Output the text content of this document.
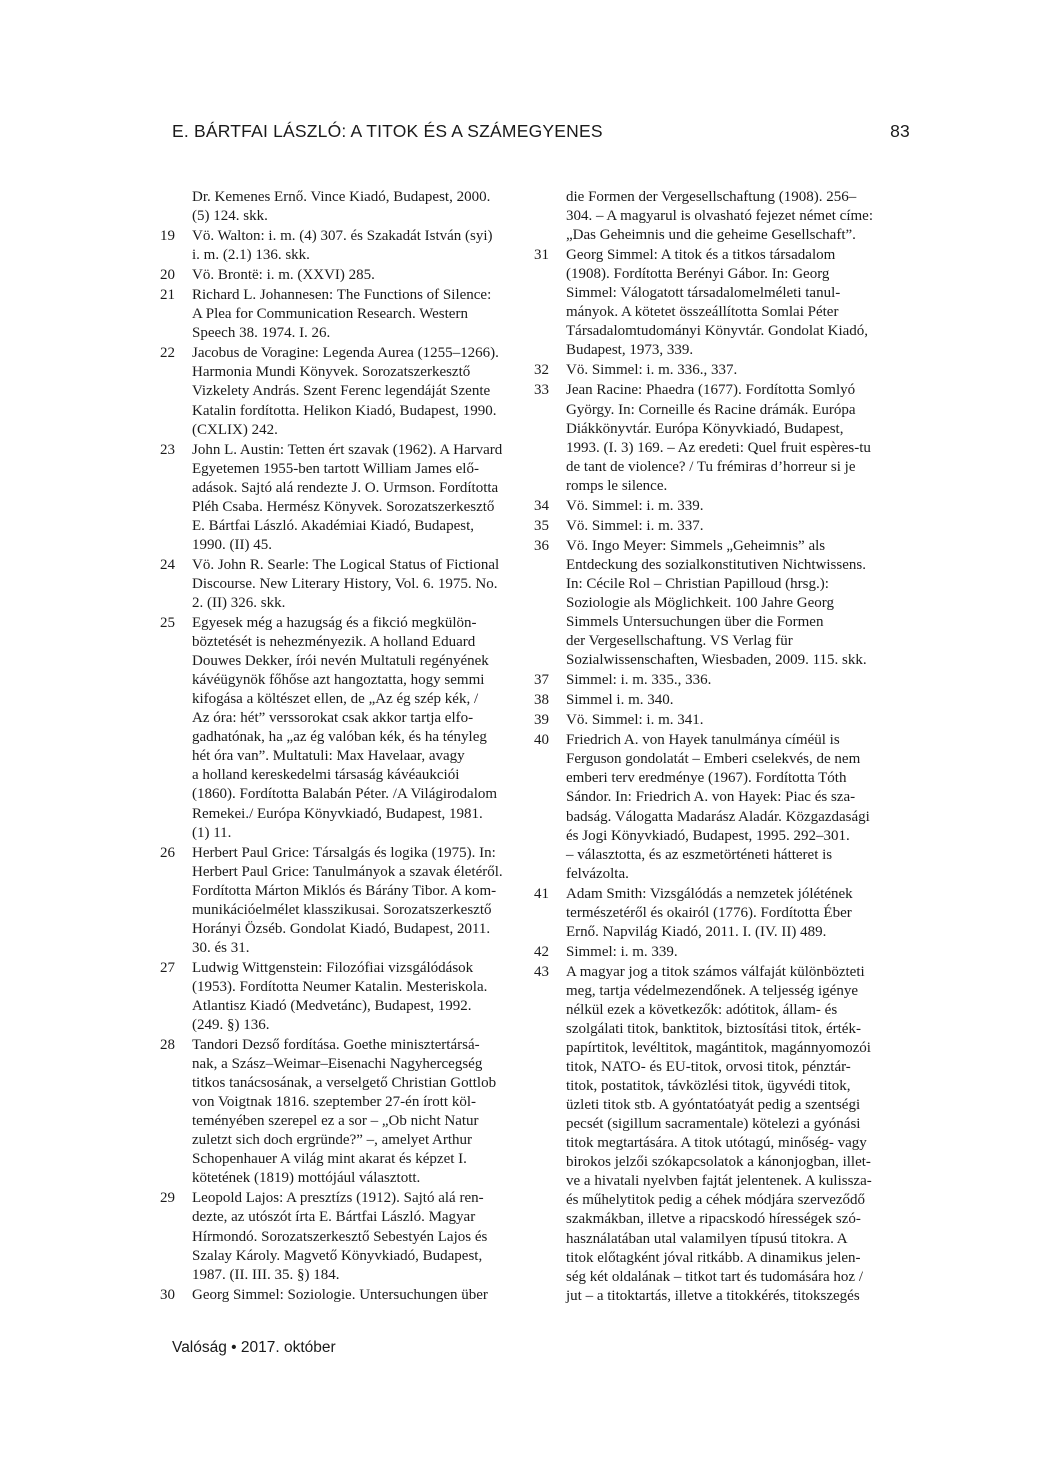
E. BÁRTFAI LÁSZLÓ: A TITOK ÉS A SZÁMEGYENES	83
Dr. Kemenes Ernő. Vince Kiadó, Budapest, 2000.
(5) 124. skk.
19 Vö. Walton: i. m. (4) 307. és Szakadát István (syi)
i. m. (2.1) 136. skk.
20 Vö. Brontë: i. m. (XXVI) 285.
21 Richard L. Johannesen: The Functions of Silence:
A Plea for Communication Research. Western
Speech 38. 1974. I. 26.
22 Jacobus de Voragine: Legenda Aurea (1255–1266).
Harmonia Mundi Könyvek. Sorozatszerkesztő
Vizkelety András. Szent Ferenc legendáját Szente
Katalin fordította. Helikon Kiadó, Budapest, 1990.
(CXLIX) 242.
23 John L. Austin: Tetten ért szavak (1962). A Harvard
Egyetemen 1955-ben tartott William James elő-
adások. Sajtó alá rendezte J. O. Urmson. Fordította
Pléh Csaba. Hermész Könyvek. Sorozatszerkesztő
E. Bártfai László. Akadémiai Kiadó, Budapest,
1990. (II) 45.
24 Vö. John R. Searle: The Logical Status of Fictional
Discourse. New Literary History, Vol. 6. 1975. No.
2. (II) 326. skk.
25 Egyesek még a hazugság és a fikció megkülön-
böztetését is nehezményezik. A holland Eduard
Douwes Dekker, írói nevén Multatuli regényének
kávéügynök főhőse azt hangoztatta, hogy semmi
kifogása a költészet ellen, de „Az ég szép kék, /
Az óra: hét” verssorokat csak akkor tartja elfo-
gadhatónak, ha „az ég valóban kék, és ha tényleg
hét óra van”. Multatuli: Max Havelaar, avagy
a holland kereskedelmi társaság kávéaukciói
(1860). Fordította Balabán Péter. /A Világirodalom
Remekei./ Európa Könyvkiadó, Budapest, 1981.
(1) 11.
26 Herbert Paul Grice: Társalgás és logika (1975). In:
Herbert Paul Grice: Tanulmányok a szavak életéről.
Fordította Márton Miklós és Bárány Tibor. A kom-
munikációelmélet klasszikusai. Sorozatszerkesztő
Horányi Özséb. Gondolat Kiadó, Budapest, 2011.
30. és 31.
27 Ludwig Wittgenstein: Filozófiai vizsgálódások
(1953). Fordította Neumer Katalin. Mesteriskola.
Atlantisz Kiadó (Medvetánc), Budapest, 1992.
(249. §) 136.
28 Tandori Dezső fordítása. Goethe minisztertársá-
nak, a Szász–Weimar–Eisenachi Nagyhercegség
titkos tanácsosának, a verselgető Christian Gottlob
von Voigtnak 1816. szeptember 27-én írott köl-
teményében szerepel ez a sor – „Ob nicht Natur
zuletzt sich doch ergründe?” –, amelyet Arthur
Schopenhauer A világ mint akarat és képzet I.
kötetének (1819) mottójául választott.
29 Leopold Lajos: A presztízs (1912). Sajtó alá ren-
dezte, az utószót írta E. Bártfai László. Magyar
Hírmondó. Sorozatszerkesztő Sebestyén Lajos és
Szalay Károly. Magvető Könyvkiadó, Budapest,
1987. (II. III. 35. §) 184.
30 Georg Simmel: Soziologie. Untersuchungen über
die Formen der Vergesellschaftung (1908). 256–
304. – A magyarul is olvasható fejezet német címe:
„Das Geheimnis und die geheime Gesellschaft”.
31 Georg Simmel: A titok és a titkos társadalom
(1908). Fordította Berényi Gábor. In: Georg
Simmel: Válogatott társadalomelméleti tanul-
mányok. A kötetet összeállította Somlai Péter
Társadalomtudományi Könyvtár. Gondolat Kiadó,
Budapest, 1973, 339.
32 Vö. Simmel: i. m. 336., 337.
33 Jean Racine: Phaedra (1677). Fordította Somlyó
György. In: Corneille és Racine drámák. Európa
Diákkönyvtár. Európa Könyvkiadó, Budapest,
1993. (I. 3) 169. – Az eredeti: Quel fruit espères-tu
de tant de violence? / Tu frémiras d’horreur si je
romps le silence.
34 Vö. Simmel: i. m. 339.
35 Vö. Simmel: i. m. 337.
36 Vö. Ingo Meyer: Simmels „Geheimnis” als
Entdeckung des sozialkonstitutiven Nichtwissens.
In: Cécile Rol – Christian Papilloud (hrsg.):
Soziologie als Möglichkeit. 100 Jahre Georg
Simmels Untersuchungen über die Formen
der Vergesellschaftung. VS Verlag für
Sozialwissenschaften, Wiesbaden, 2009. 115. skk.
37 Simmel: i. m. 335., 336.
38 Simmel i. m. 340.
39 Vö. Simmel: i. m. 341.
40 Friedrich A. von Hayek tanulmánya címéül is
Ferguson gondolatát – Emberi cselekvés, de nem
emberi terv eredménye (1967). Fordította Tóth
Sándor. In: Friedrich A. von Hayek: Piac és sza-
badság. Válogatta Madarász Aladár. Közgazdasági
és Jogi Könyvkiadó, Budapest, 1995. 292–301.
– választotta, és az eszmetörténeti hátteret is
felvázolta.
41 Adam Smith: Vizsgálódás a nemzetek jólétének
természetéről és okairól (1776). Fordította Éber
Ernő. Napvilág Kiadó, 2011. I. (IV. II) 489.
42 Simmel: i. m. 339.
43 A magyar jog a titok számos válfaját különbözteti
meg, tartja védelmezendőnek. A teljesség igénye
nélkül ezek a következők: adótitok, állam- és
szolgálati titok, banktitok, biztosítási titok, érték-
papírtitok, levéltitok, magántitok, magánnyomozói
titok, NATO- és EU-titok, orvosi titok, pénztár-
titok, postatitok, távközlési titok, ügyvédi titok,
üzleti titok stb. A gyóntatóatyát pedig a szentségi
pecsét (sigillum sacramentale) kötelezi a gyónási
titok megtartására. A titok utótagú, minőség- vagy
birokos jelzői szókapcsolatok a kánonjogban, illet-
ve a hivatali nyelvben fajtát jelentenek. A kulissza-
és műhelytitok pedig a céhek módjára szerveződő
szakmákban, illetve a ripacskodó hírességek szó-
használatában utal valamilyen típusú titokra. A
titok előtagként jóval ritkább. A dinamikus jelen-
ség két oldalának – titkot tart és tudomására hoz /
jut – a titoktartás, illetve a titokkérés, titokszegés
Valóság • 2017. október
